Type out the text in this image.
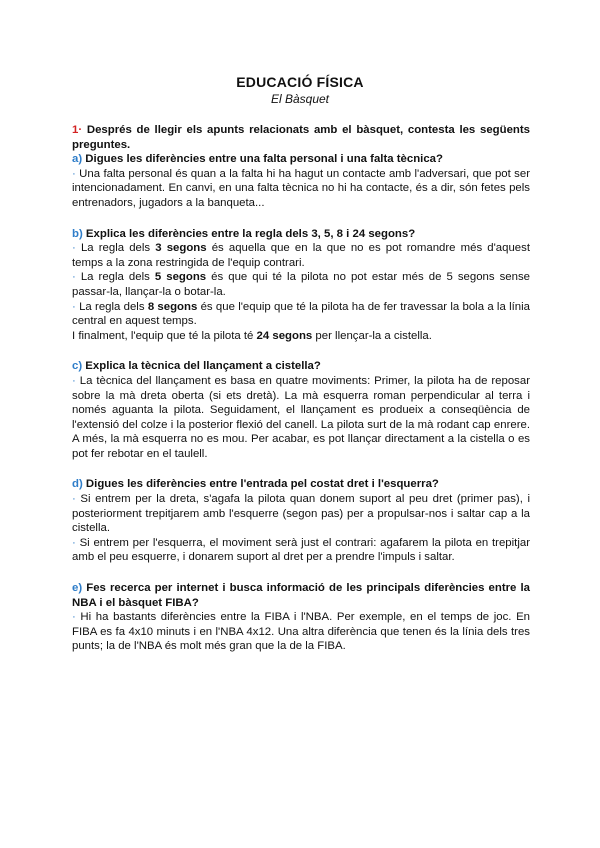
EDUCACIÓ FÍSICA
El Bàsquet

1· Després de llegir els apunts relacionats amb el bàsquet, contesta les següents preguntes.

a) Digues les diferències entre una falta personal i una falta tècnica?

· Una falta personal és quan a la falta hi ha hagut un contacte amb l'adversari, que pot ser intencionadament. En canvi, en una falta tècnica no hi ha contacte, és a dir, són fetes pels entrenadors, jugadors a la banqueta...

b) Explica les diferències entre la regla dels 3, 5, 8 i 24 segons?

· La regla dels 3 segons és aquella que en la que no es pot romandre més d'aquest temps a la zona restringida de l'equip contrari.

· La regla dels 5 segons és que qui té la pilota no pot estar més de 5 segons sense passar-la, llançar-la o botar-la.

· La regla dels 8 segons és que l'equip que té la pilota ha de fer travessar la bola a la línia central en aquest temps.

I finalment, l'equip que té la pilota té 24 segons per llençar-la a cistella.

c) Explica la tècnica del llançament a cistella?

· La tècnica del llançament es basa en quatre moviments: Primer, la pilota ha de reposar sobre la mà dreta oberta (si ets dretà). La mà esquerra roman perpendicular al terra i només aguanta la pilota. Seguidament, el llançament es produeix a conseqüència de l'extensió del colze i la posterior flexió del canell. La pilota surt de la mà rodant cap enrere. A més, la mà esquerra no es mou. Per acabar, es pot llançar directament a la cistella o es pot fer rebotar en el taulell.

d) Digues les diferències entre l'entrada pel costat dret i l'esquerra?

· Si entrem per la dreta, s'agafa la pilota quan donem suport al peu dret (primer pas), i posteriorment trepitjarem amb l'esquerre (segon pas) per a propulsar-nos i saltar cap a la cistella.

· Si entrem per l'esquerra, el moviment serà just el contrari: agafarem la pilota en trepitjar amb el peu esquerre, i donarem suport al dret per a prendre l'impuls i saltar.

e) Fes recerca per internet i busca informació de les principals diferències entre la NBA i el bàsquet FIBA?

· Hi ha bastants diferències entre la FIBA i l'NBA. Per exemple, en el temps de joc. En FIBA es fa 4x10 minuts i en l'NBA 4x12. Una altra diferència que tenen és la línia dels tres punts; la de l'NBA és molt més gran que la de la FIBA.
